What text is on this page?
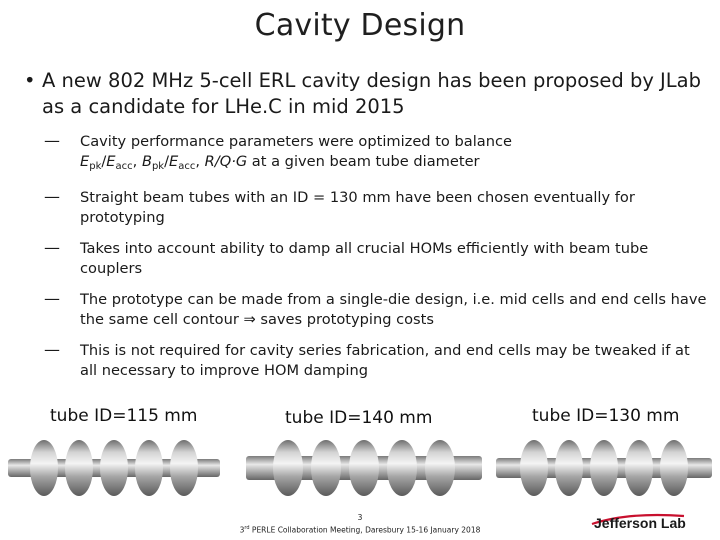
Cavity Design
• A new 802 MHz 5-cell ERL cavity design has been proposed by JLab as a candidate for LHe.C in mid 2015
— Cavity performance parameters were optimized to balance
$E_{pk}/E_{acc}$, $B_{pk}/E_{acc}$, R/Q·G at a given beam tube diameter
— Straight beam tubes with an ID = 130 mm have been chosen eventually for prototyping
— Takes into account ability to damp all crucial HOMs efficiently with beam tube couplers
— The prototype can be made from a single-die design, i.e. mid cells and end cells have the same cell contour ⇒ saves prototyping costs
— This is not required for cavity series fabrication, and end cells may be tweaked if at all necessary to improve HOM damping
tube ID=115 mm	tube ID=140 mm	tube ID=130 mm
3
3rd PERLE Collaboration Meeting, Daresbury 15-16 January 2018	Jefferson Lab
